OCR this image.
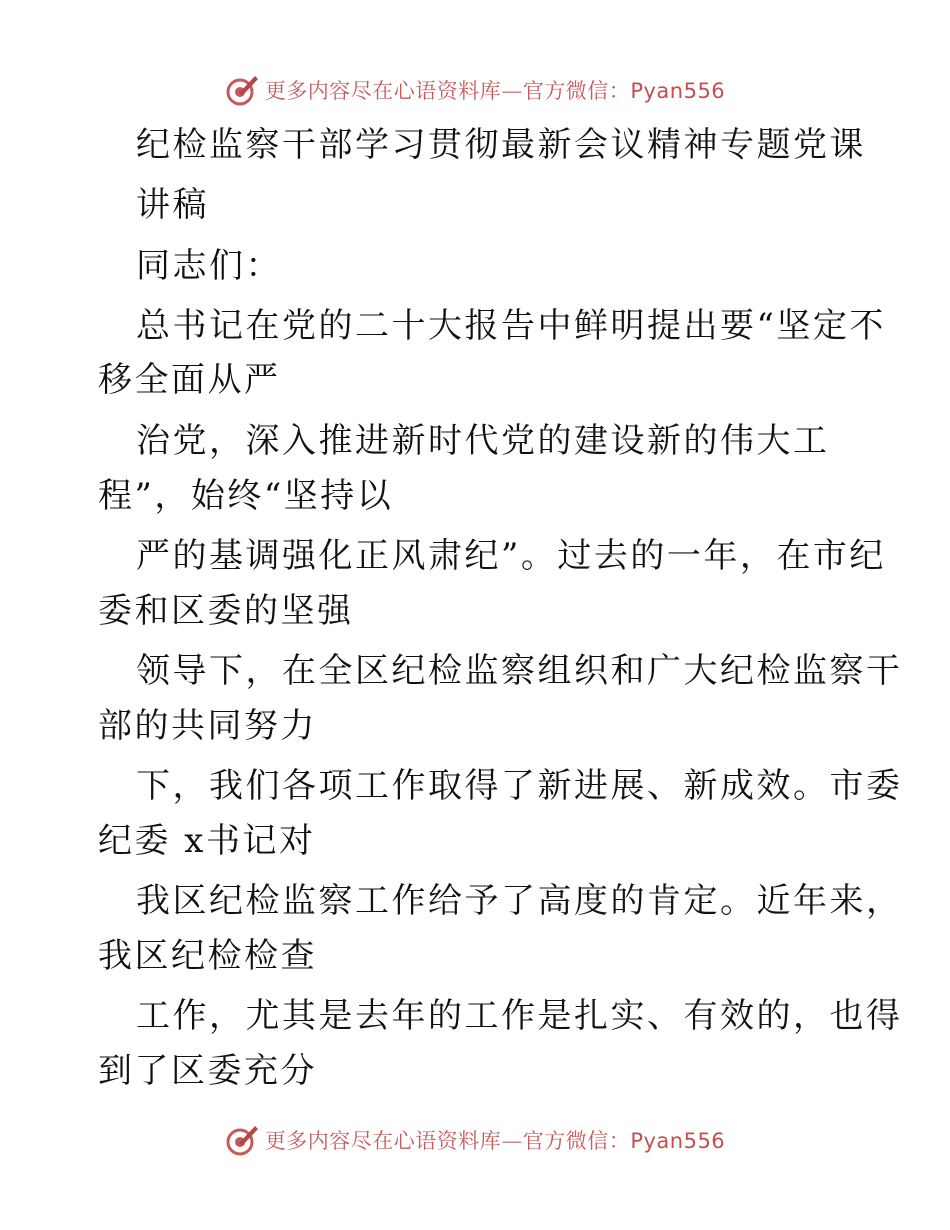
更多内容尽在心语资料库—官方微信：Pyan556
纪检监察干部学习贯彻最新会议精神专题党课
讲稿
同志们：
总书记在党的二十大报告中鲜明提出要“坚定不
移全面从严
治党，深入推进新时代党的建设新的伟大工
程”，始终“坚持以
严的基调强化正风肃纪”。过去的一年，在市纪
委和区委的坚强
领导下，在全区纪检监察组织和广大纪检监察干
部的共同努力
下，我们各项工作取得了新进展、新成效。市委
纪委 x书记对
我区纪检监察工作给予了高度的肯定。近年来，
我区纪检检查
工作，尤其是去年的工作是扎实、有效的，也得
到了区委充分
更多内容尽在心语资料库—官方微信：Pyan556
